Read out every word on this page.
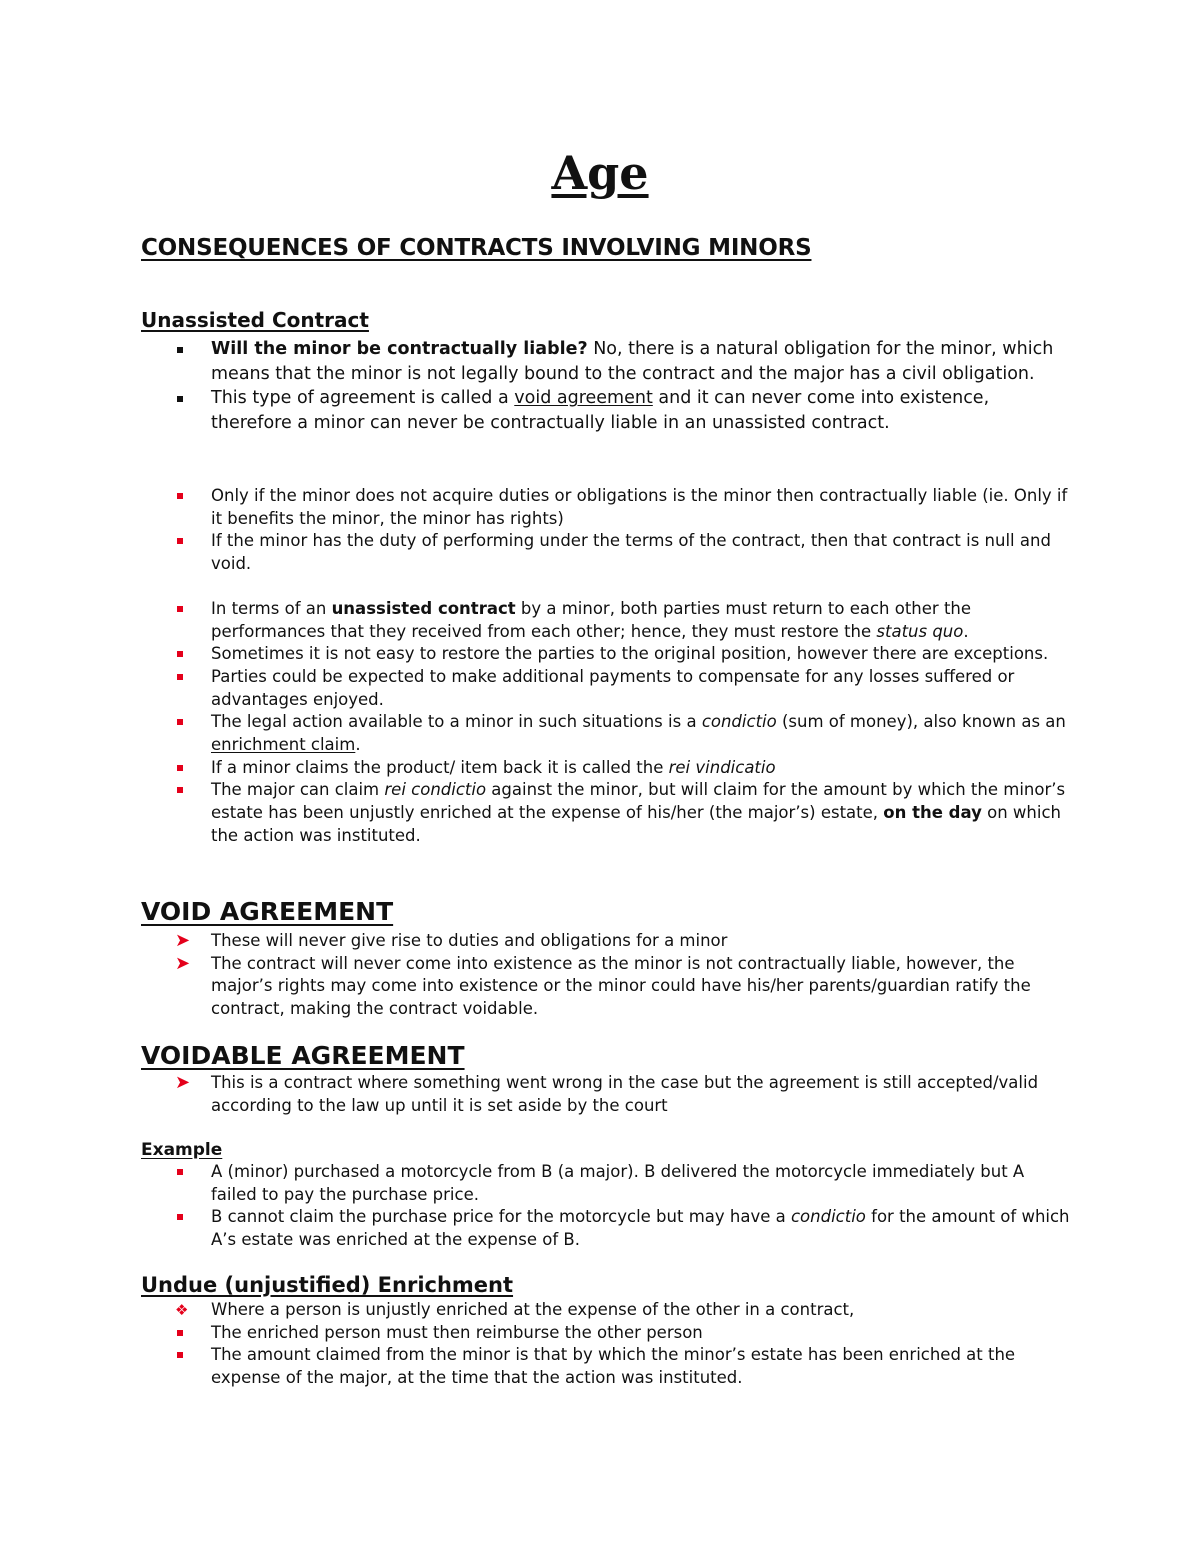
Age
CONSEQUENCES OF CONTRACTS INVOLVING MINORS
Unassisted Contract
Will the minor be contractually liable? No, there is a natural obligation for the minor, which means that the minor is not legally bound to the contract and the major has a civil obligation.
This type of agreement is called a void agreement and it can never come into existence, therefore a minor can never be contractually liable in an unassisted contract.
Only if the minor does not acquire duties or obligations is the minor then contractually liable (ie. Only if it benefits the minor, the minor has rights)
If the minor has the duty of performing under the terms of the contract, then that contract is null and void.
In terms of an unassisted contract by a minor, both parties must return to each other the performances that they received from each other; hence, they must restore the status quo.
Sometimes it is not easy to restore the parties to the original position, however there are exceptions.
Parties could be expected to make additional payments to compensate for any losses suffered or advantages enjoyed.
The legal action available to a minor in such situations is a condictio (sum of money), also known as an enrichment claim.
If a minor claims the product/ item back it is called the rei vindicatio
The major can claim rei condictio against the minor, but will claim for the amount by which the minor’s estate has been unjustly enriched at the expense of his/her (the major’s) estate, on the day on which the action was instituted.
VOID AGREEMENT
➤ These will never give rise to duties and obligations for a minor
➤ The contract will never come into existence as the minor is not contractually liable, however, the major’s rights may come into existence or the minor could have his/her parents/guardian ratify the contract, making the contract voidable.
VOIDABLE AGREEMENT
➤ This is a contract where something went wrong in the case but the agreement is still accepted/valid according to the law up until it is set aside by the court
Example
A (minor) purchased a motorcycle from B (a major). B delivered the motorcycle immediately but A failed to pay the purchase price.
B cannot claim the purchase price for the motorcycle but may have a condictio for the amount of which A’s estate was enriched at the expense of B.
Undue (unjustified) Enrichment
❖	Where a person is unjustly enriched at the expense of the other in a contract,
The enriched person must then reimburse the other person
The amount claimed from the minor is that by which the minor’s estate has been enriched at the expense of the major, at the time that the action was instituted.
